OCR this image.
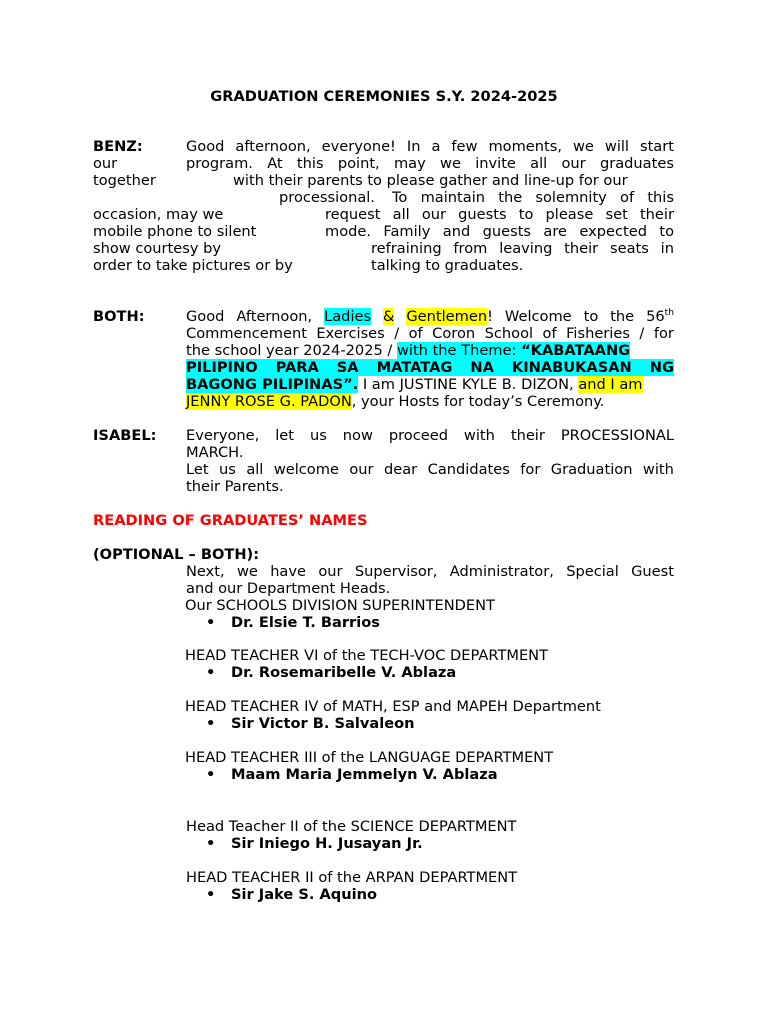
GRADUATION CEREMONIES S.Y. 2024-2025
BENZ:	Good afternoon, everyone! In a few moments, we will start
our	program. At this point, may we invite all our graduates
together	with their parents to please gather and line-up for our
processional. To maintain the solemnity of this
occasion, may we	request all our guests to please set their
mobile phone to silent	mode. Family and guests are expected to
show courtesy by	refraining from leaving their seats in
order to take pictures or by	talking to graduates.
BOTH:	Good Afternoon, Ladies & Gentlemen! Welcome to the 56th
Commencement Exercises / of Coron School of Fisheries / for
the school year 2024-2025 / with the Theme: “KABATAANG
PILIPINO PARA SA MATATAG NA KINABUKASAN NG
BAGONG PILIPINAS”. I am JUSTINE KYLE B. DIZON, and I am
JENNY ROSE G. PADON, your Hosts for today’s Ceremony.
ISABEL: Everyone, let us now proceed with their PROCESSIONAL
MARCH.
Let us all welcome our dear Candidates for Graduation with
their Parents.
READING OF GRADUATES’ NAMES
(OPTIONAL – BOTH):
Next, we have our Supervisor, Administrator, Special Guest
and our Department Heads.
Our SCHOOLS DIVISION SUPERINTENDENT
• Dr. Elsie T. Barrios
HEAD TEACHER VI of the TECH-VOC DEPARTMENT
• Dr. Rosemaribelle V. Ablaza
HEAD TEACHER IV of MATH, ESP and MAPEH Department
• Sir Victor B. Salvaleon
HEAD TEACHER III of the LANGUAGE DEPARTMENT
• Maam Maria Jemmelyn V. Ablaza
Head Teacher II of the SCIENCE DEPARTMENT
• Sir Iniego H. Jusayan Jr.
HEAD TEACHER II of the ARPAN DEPARTMENT
• Sir Jake S. Aquino
